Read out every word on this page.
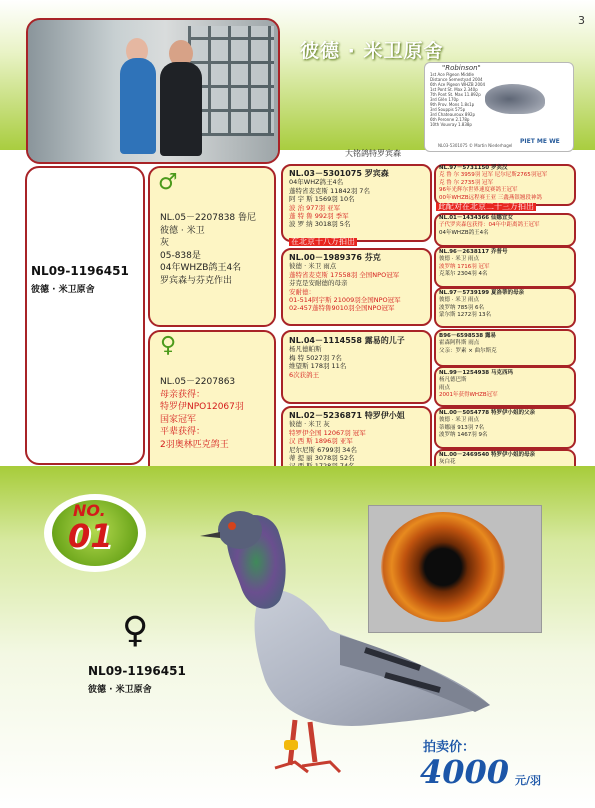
3
彼德 · 米卫原舍
"Robinson"
1st Ace Pigeon Middle Distance Semestyad 2004
6th Ace Pigeon WHZB 2004
1st Pont St. Max 2.340p
7th Pont St. Max 11.892p
3rd Glèn 170p
9th Prov. Mons 1.8s1p
3rd Souppis 575p
3rd Chateauroux 892p
6th Peronne 2.178p
10th Vouvray 1.838p
PIET ME WE
NL03-5301075 © Martin Niederhagel
大铭鸽特罗宾森
NL09-1196451
彼德 · 米卫原舍
♂
NL.05－2207838 鲁尼
彼德 · 米卫
灰
05-838是
04年WHZB鸽王4名
罗宾森与芬克作出
♀
NL.05－2207863
母亲获得：
特罗伊NPO12067羽
国家冠军
平辈获得：
2羽奥林匹克鸽王
NL.03－5301075 罗宾森
04年WHZ鸽王4名
蓬特省麦克斯 11842羽 7名
阿 宇 斯 1569羽 10名
波 治 977羽 亚军
蓬 特 鲁 992羽 季军
波 罗 纳 3018羽 5名
在北京十八万拍出
NL.00－1989376 芬克
彼德 · 米卫 雨点
蓬特省麦克斯 17558羽 全国NPO冠军
芬克是安耐德的母亲
安耐德：
01-514阿宇斯 21009羽全国NPO冠军
02-457蓬特鲁9010羽全国NPO冠军
NL.04－1114558 露易的儿子
杨凡德帕斯
梅 特 5027羽 7名
维望斯 178羽 11名
6次获鸽王
NL.02－5236871 特罗伊小姐
彼德 · 米卫 灰
特罗伊全国 12067羽 冠军
汉 西 斯 1896羽 亚军
尼尔尼斯 6799羽 34名
蒂 提 丽 3078羽 52名
NL.97－5731150 罗宾汉
克 鲁 尔 3959羽 冠军 尼尔尼斯2765羽冠军
克 鲁 尔 2735羽 冠军
96年光辉尔世界速度赛鸽王冠军
00年WHZB远程赛王亚 三鑫燕银翘段神鸽
此配对在北京二十三万拍出
NL.01－1434366 仙娜宜女
子代罗宾森包获得：04年中距离鸽王冠军
04年WHZB鸽王4名
NL.96－2638117 乔普号
彼德 · 米卫 雨点
波罗纳 1716羽 冠军
克莱尔 2304羽 4名
NL.97－5739199 夏洛蒂的母亲
彼德 · 米卫 雨点
波罗纳 785羽 6名
蒙尔斯 1272羽 13名
B96－6598538 露易
霍森阿科斯 雨点
父亲：罗素 × 曲尔斯克
NL.99－1254938 马克西玛
杨凡德巴斯
雨点
2001年获得WHZB冠军
NL.00－5054778 特罗伊小姐的父亲
彼德 · 米卫 雨点
蒂娜丽 913羽 7名
波罗纳 1467羽 9名
NL.00－2469540 特罗伊小姐的母亲
灰白花
NO.
01
♀
NL09-1196451
彼德 · 米卫原舍
拍卖价：
4000 元/羽
